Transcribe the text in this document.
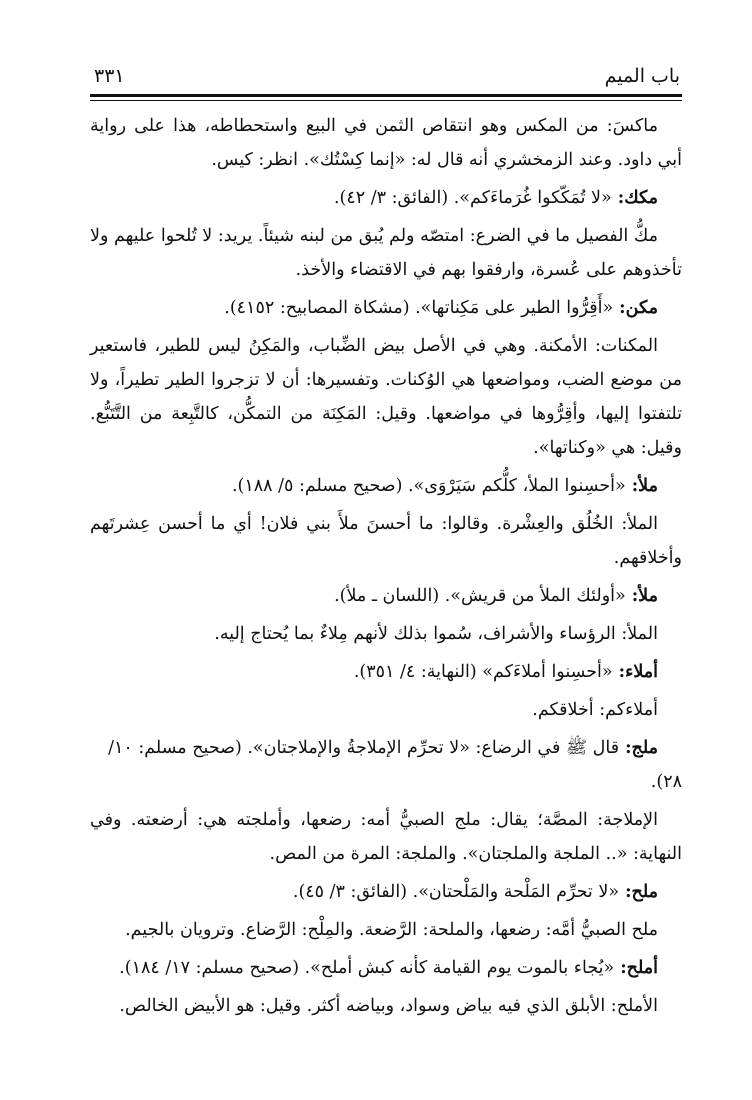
باب الميم
٣٣١

ماكسَ: من المكس وهو انتقاص الثمن في البيع واستحطاطه، هذا على رواية أبي داود. وعند الزمخشري أنه قال له: «إنما كِسْتُك». انظر: كيس.

مكك:«لا تُمَكّكوا غُرَماءَكم». (الفائق: ٣/ ٤٢).

مكُّ الفصيل ما في الضرع: امتصّه ولم يُبق من لبنه شيئاً. يريد: لا تُلحوا عليهم ولا تأخذوهم على عُسرة، وارفقوا بهم في الاقتضاء والأخذ.

مكن:«أَقِرُّوا الطير على مَكِناتها». (مشكاة المصابيح: ٤١٥٢).

المكنات: الأمكنة. وهي في الأصل بيض الضِّباب، والمَكِنُ ليس للطير، فاستعير من موضع الضب، ومواضعها هي الوُكنات. وتفسيرها: أن لا تزجروا الطير تطيراً، ولا تلتفتوا إليها، وأقِرُّوها في مواضعها. وقيل: المَكِنَة من التمكُّن، كالتَّبِعة من التَّتَبُّع. وقيل: هي «وكناتها».

ملأ:«أحسِنوا الملأ، كلُّكم سَيَرْوَى». (صحيح مسلم: ٥/ ١٨٨).

الملأ: الخُلُق والعِشْرة. وقالوا: ما أحسنَ ملأَ بني فلان! أي ما أحسن عِشرتَهم وأخلاقهم.

ملأ:«أولئك الملأ من قريش». (اللسان ـ ملأ).

الملأ: الرؤساء والأشراف، سُموا بذلك لأنهم مِلاءٌ بما يُحتاج إليه.

أملاء:«أحسِنوا أملاءَكم» (النهاية: ٤/ ٣٥١).

أملاءكم: أخلاقكم.

ملج:قال ﷺ في الرضاع: «لا تحرِّم الإملاجةُ والإملاجتان». (صحيح مسلم: ١٠/ ٢٨).

الإملاجة: المصَّة؛ يقال: ملج الصبيُّ أمه: رضعها، وأملجته هي: أرضعته. وفي النهاية: «.. الملجة والملجتان». والملجة: المرة من المص.

ملح:«لا تحرِّم المَلْحة والمَلْحتان». (الفائق: ٣/ ٤٥).

ملح الصبيُّ أمَّه: رضعها، والملحة: الرَّضعة. والمِلْح: الرَّضاع. وترويان بالجيم.

أملح:«يُجاء بالموت يوم القيامة كأنه كبش أملح». (صحيح مسلم: ١٧/ ١٨٤).

الأملح: الأبلق الذي فيه بياض وسواد، وبياضه أكثر. وقيل: هو الأبيض الخالص.
